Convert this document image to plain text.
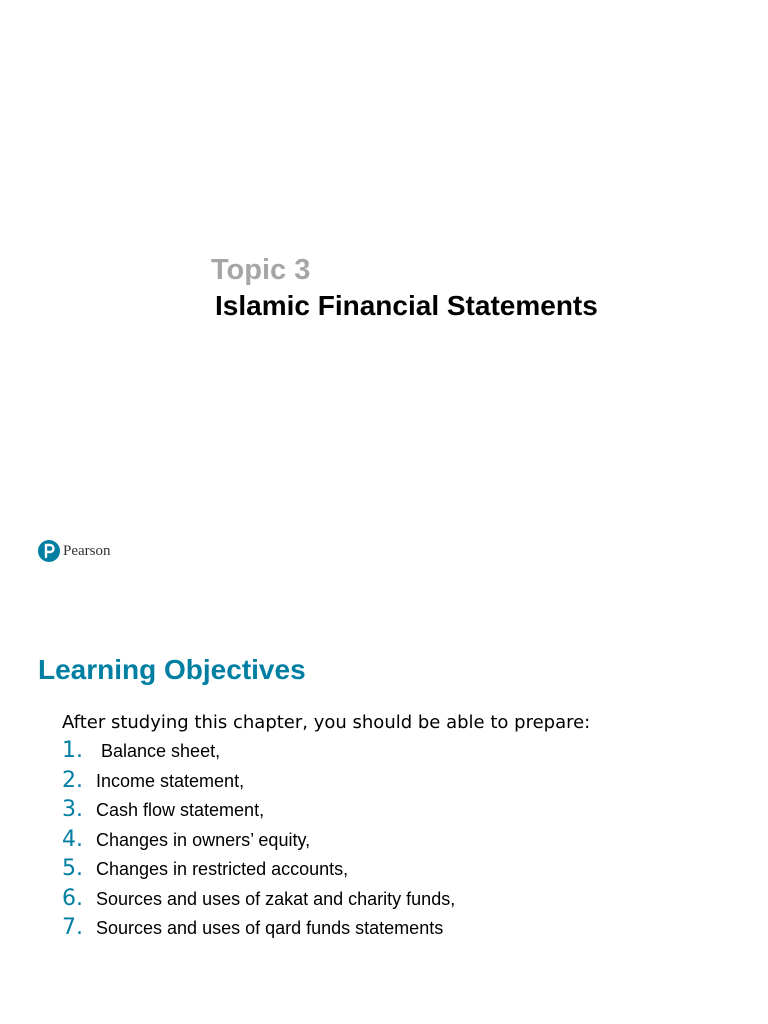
Topic 3
Islamic Financial Statements
Pearson
Learning Objectives
After studying this chapter, you should be able to prepare:
1. Balance sheet,
2. Income statement,
3. Cash flow statement,
4. Changes in owners’ equity,
5. Changes in restricted accounts,
6. Sources and uses of zakat and charity funds,
7. Sources and uses of qard funds statements
